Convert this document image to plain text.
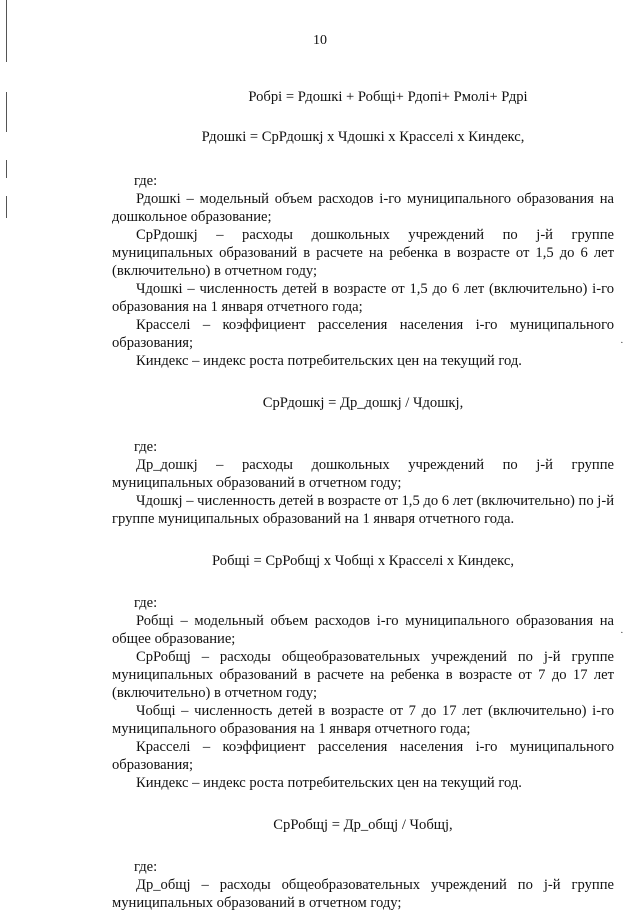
·
·
10
Робрі = Рдошкі + Робщі+ Рдопі+ Рмолі+ Рдрі
Рдошкі = СрРдошкј х Чдошкі х Красселі х Киндекс,
где:
Рдошкі – модельный объем расходов і-го муниципального образования на дошкольное образование;
СрРдошкј – расходы дошкольных учреждений по ј-й группе муниципальных образований в расчете на ребенка в возрасте от 1,5 до 6 лет (включительно) в отчетном году;
Чдошкі – численность детей в возрасте от 1,5 до 6 лет (включительно) і-го образования на 1 января отчетного года;
Красселі – коэффициент расселения населения і-го муниципального образования;
Киндекс – индекс роста потребительских цен на текущий год.
СрРдошкј = Др_дошкј / Чдошкј,
где:
Др_дошкј – расходы дошкольных учреждений по ј-й группе муниципальных образований в отчетном году;
Чдошкј – численность детей в возрасте от 1,5 до 6 лет (включительно) по ј-й группе муниципальных образований на 1 января отчетного года.
Робщі = СрРобщј х Чобщі х Красселі х Киндекс,
где:
Робщі – модельный объем расходов і-го муниципального образования на общее образование;
СрРобщј – расходы общеобразовательных учреждений по ј-й группе муниципальных образований в расчете на ребенка в возрасте от 7 до 17 лет (включительно) в отчетном году;
Чобщі – численность детей в возрасте от 7 до 17 лет (включительно) і-го муниципального образования на 1 января отчетного года;
Красселі – коэффициент расселения населения і-го муниципального образования;
Киндекс – индекс роста потребительских цен на текущий год.
СрРобщј = Др_общј / Чобщј,
где:
Др_общј – расходы общеобразовательных учреждений по ј-й группе муниципальных образований в отчетном году;
